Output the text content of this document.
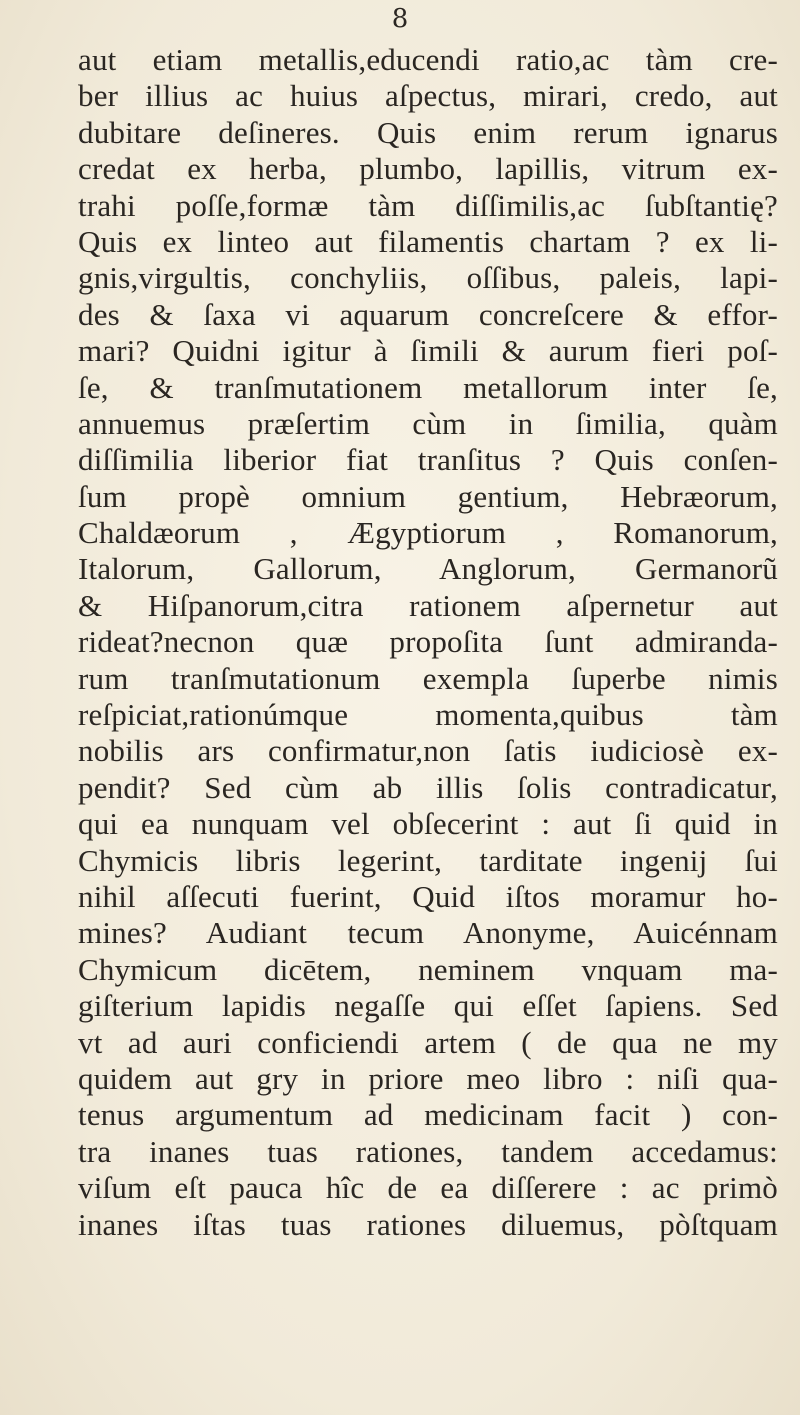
8
aut etiam metallis,educendi ratio,ac tàm cre-
ber illius ac huius aſpectus, mirari, credo, aut
dubitare deſineres. Quis enim rerum ignarus
credat ex herba, plumbo, lapillis, vitrum ex-
trahi poſſe,formæ tàm diſſimilis,ac ſubſtantię?
Quis ex linteo aut filamentis chartam ? ex li-
gnis,virgultis, conchyliis, oſſibus, paleis, lapi-
des & ſaxa vi aquarum concreſcere & effor-
mari? Quidni igitur à ſimili & aurum fieri poſ-
ſe, & tranſmutationem metallorum inter ſe,
annuemus præſertim cùm in ſimilia, quàm
diſſimilia liberior fiat tranſitus ? Quis conſen-
ſum propè omnium gentium, Hebræorum,
Chaldæorum , Ægyptiorum , Romanorum,
Italorum, Gallorum, Anglorum, Germanorũ
& Hiſpanorum,citra rationem aſpernetur aut
rideat?necnon quæ propoſita ſunt admiranda-
rum tranſmutationum exempla ſuperbe nimis
reſpiciat,rationúmque momenta,quibus tàm
nobilis ars confirmatur,non ſatis iudiciosè ex-
pendit? Sed cùm ab illis ſolis contradicatur,
qui ea nunquam vel obſecerint : aut ſi quid in
Chymicis libris legerint, tarditate ingenij ſui
nihil aſſecuti fuerint, Quid iſtos moramur ho-
mines? Audiant tecum Anonyme, Auicénnam
Chymicum dicētem, neminem vnquam ma-
giſterium lapidis negaſſe qui eſſet ſapiens. Sed
vt ad auri conficiendi artem ( de qua ne my
quidem aut gry in priore meo libro : niſi qua-
tenus argumentum ad medicinam facit ) con-
tra inanes tuas rationes, tandem accedamus:
viſum eſt pauca hîc de ea diſſerere : ac primò
inanes iſtas tuas rationes diluemus, pòſtquam
